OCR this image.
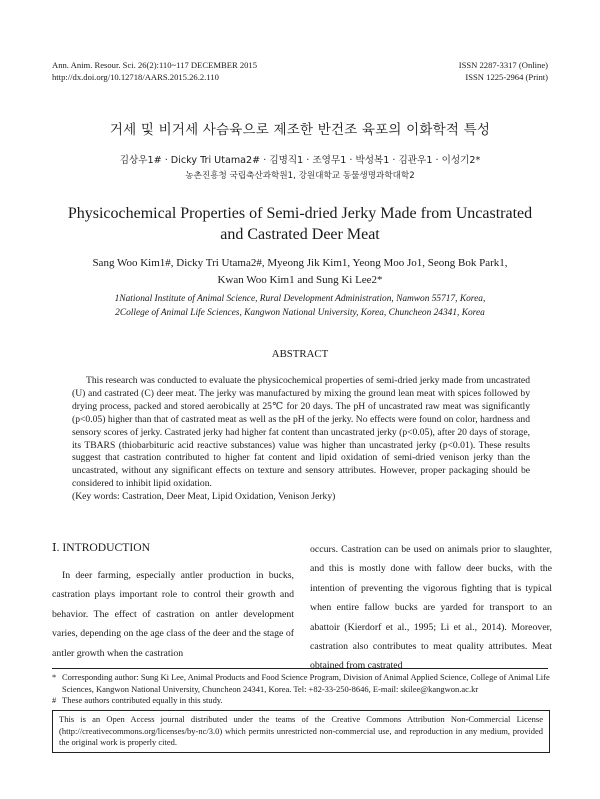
Ann. Anim. Resour. Sci. 26(2):110~117 DECEMBER 2015	ISSN 2287-3317 (Online)
http://dx.doi.org/10.12718/AARS.2015.26.2.110	ISSN 1225-2964 (Print)
거세 및 비거세 사슴육으로 제조한 반건조 육포의 이화학적 특성
김상우1# · Dicky Tri Utama2# · 김명직1 · 조영무1 · 박성복1 · 김관우1 · 이성기2*
농촌진흥청 국립축산과학원1, 강원대학교 동물생명과학대학2
Physicochemical Properties of Semi-dried Jerky Made from Uncastrated
and Castrated Deer Meat
Sang Woo Kim1#, Dicky Tri Utama2#, Myeong Jik Kim1, Yeong Moo Jo1, Seong Bok Park1,
Kwan Woo Kim1 and Sung Ki Lee2*
1National Institute of Animal Science, Rural Development Administration, Namwon 55717, Korea,
2College of Animal Life Sciences, Kangwon National University, Korea, Chuncheon 24341, Korea
ABSTRACT

This research was conducted to evaluate the physicochemical properties of semi-dried jerky made from uncastrated (U) and castrated (C) deer meat. The jerky was manufactured by mixing the ground lean meat with spices followed by drying process, packed and stored aerobically at 25℃ for 20 days. The pH of uncastrated raw meat was significantly (p<0.05) higher than that of castrated meat as well as the pH of the jerky. No effects were found on color, hardness and sensory scores of jerky. Castrated jerky had higher fat content than uncastrated jerky (p<0.05), after 20 days of storage, its TBARS (thiobarbituric acid reactive substances) value was higher than uncastrated jerky (p<0.01). These results suggest that castration contributed to higher fat content and lipid oxidation of semi-dried venison jerky than the uncastrated, without any significant effects on texture and sensory attributes. However, proper packaging should be considered to inhibit lipid oxidation.

(Key words: Castration, Deer Meat, Lipid Oxidation, Venison Jerky)

Ⅰ. INTRODUCTION

In deer farming, especially antler production in bucks, castration plays important role to control their growth and behavior. The effect of castration on antler development varies, depending on the age class of the deer and the stage of antler growth when the castration

occurs. Castration can be used on animals prior to slaughter, and this is mostly done with fallow deer bucks, with the intention of preventing the vigorous fighting that is typical when entire fallow bucks are yarded for transport to an abattoir (Kierdorf et al., 1995; Li et al., 2014). Moreover, castration also contributes to meat quality attributes. Meat obtained from castrated

* Corresponding author: Sung Ki Lee, Animal Products and Food Science Program, Division of Animal Applied Science, College of Animal Life Sciences, Kangwon National University, Chuncheon 24341, Korea. Tel: +82-33-250-8646, E-mail: skilee@kangwon.ac.kr
# These authors contributed equally in this study.
This is an Open Access journal distributed under the teams of the Creative Commons Attribution Non-Commercial License (http://creativecommons.org/licenses/by-nc/3.0) which permits unrestricted non-commercial use, and reproduction in any medium, provided the original work is properly cited.
